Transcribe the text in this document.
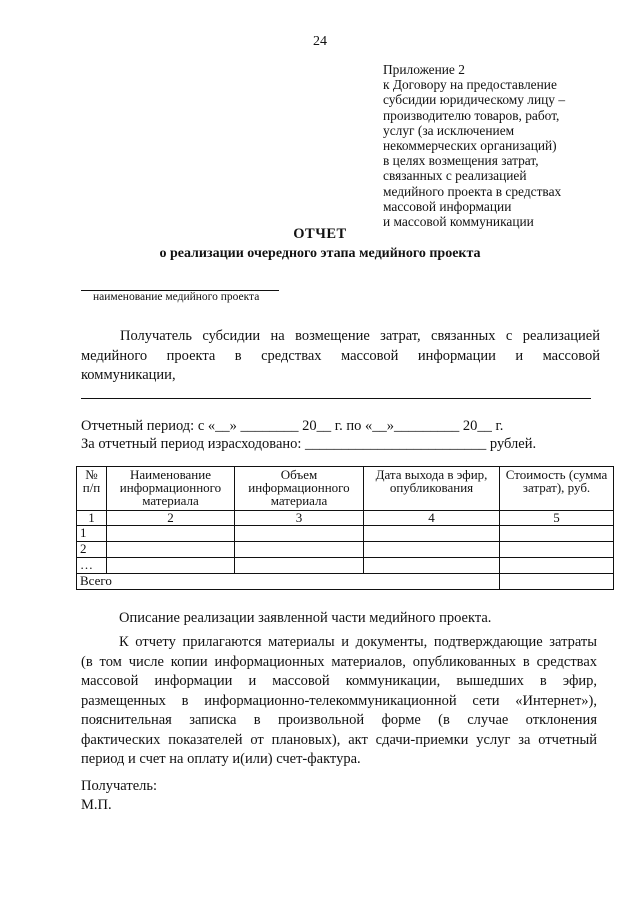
24
Приложение 2
к Договору на предоставление
субсидии юридическому лицу –
производителю товаров, работ,
услуг (за исключением
некоммерческих организаций)
в целях возмещения затрат,
связанных с реализацией
медийного проекта в средствах
массовой информации
и массовой коммуникации
ОТЧЕТ
о реализации очередного этапа медийного проекта
наименование медийного проекта
Получатель субсидии на возмещение затрат, связанных с реализацией
медийного проекта в средствах массовой информации и массовой
коммуникации,
Отчетный период: с «__» ________ 20__ г. по «__»_________ 20__ г.
За отчетный период израсходовано: _________________________ рублей.
№ п/п	Наименование информационного материала	Объем информационного материала	Дата выхода в эфир, опубликования	Стоимость (сумма затрат), руб.
1	2	3	4	5
1				
2				
…				
Всего				
Описание реализации заявленной части медийного проекта.
К отчету прилагаются материалы и документы, подтверждающие затраты
(в том числе копии информационных материалов, опубликованных в средствах
массовой информации и массовой коммуникации, вышедших в эфир,
размещенных в информационно-телекоммуникационной сети «Интернет»),
пояснительная записка в произвольной форме (в случае отклонения
фактических показателей от плановых), акт сдачи-приемки услуг за отчетный
период и счет на оплату и(или) счет-фактура.
Получатель:
М.П.
